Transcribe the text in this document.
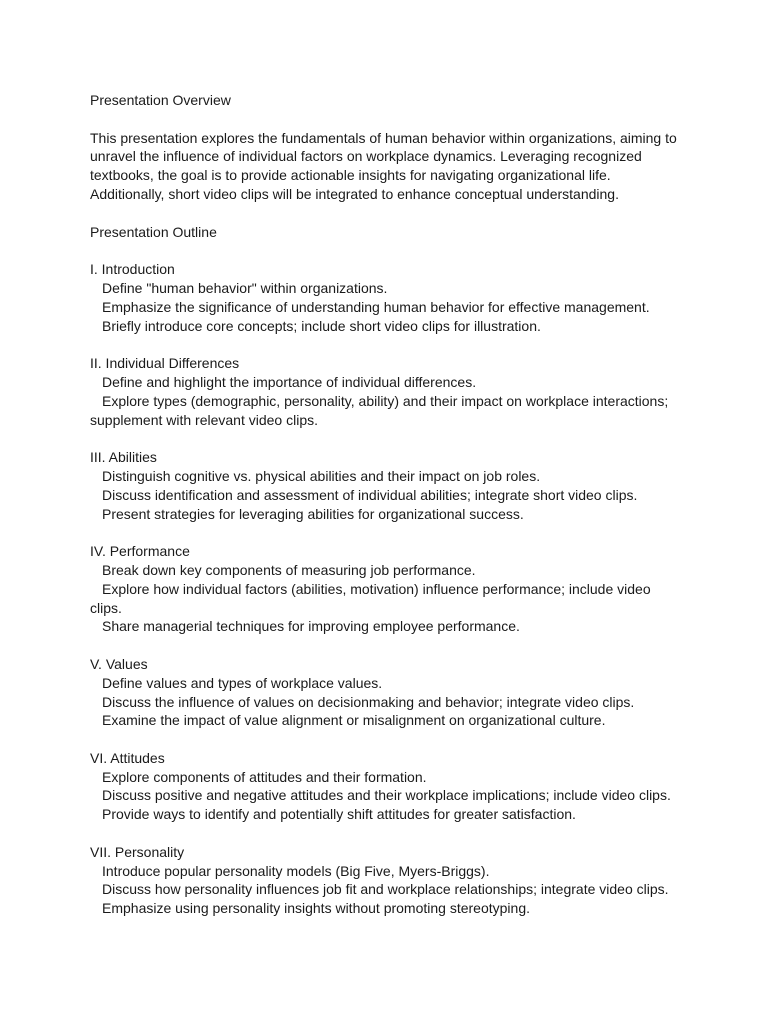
Presentation Overview

This presentation explores the fundamentals of human behavior within organizations, aiming to unravel the influence of individual factors on workplace dynamics. Leveraging recognized textbooks, the goal is to provide actionable insights for navigating organizational life. Additionally, short video clips will be integrated to enhance conceptual understanding.

Presentation Outline

I. Introduction

Define "human behavior" within organizations.

Emphasize the significance of understanding human behavior for effective management.

Briefly introduce core concepts; include short video clips for illustration.

II. Individual Differences

Define and highlight the importance of individual differences.

Explore types (demographic, personality, ability) and their impact on workplace interactions; supplement with relevant video clips.

III. Abilities

Distinguish cognitive vs. physical abilities and their impact on job roles.

Discuss identification and assessment of individual abilities; integrate short video clips.

Present strategies for leveraging abilities for organizational success.

IV. Performance

Break down key components of measuring job performance.

Explore how individual factors (abilities, motivation) influence performance; include video clips.

Share managerial techniques for improving employee performance.

V. Values

Define values and types of workplace values.

Discuss the influence of values on decisionmaking and behavior; integrate video clips.

Examine the impact of value alignment or misalignment on organizational culture.

VI. Attitudes

Explore components of attitudes and their formation.

Discuss positive and negative attitudes and their workplace implications; include video clips.

Provide ways to identify and potentially shift attitudes for greater satisfaction.

VII. Personality

Introduce popular personality models (Big Five, Myers-Briggs).

Discuss how personality influences job fit and workplace relationships; integrate video clips.

Emphasize using personality insights without promoting stereotyping.
